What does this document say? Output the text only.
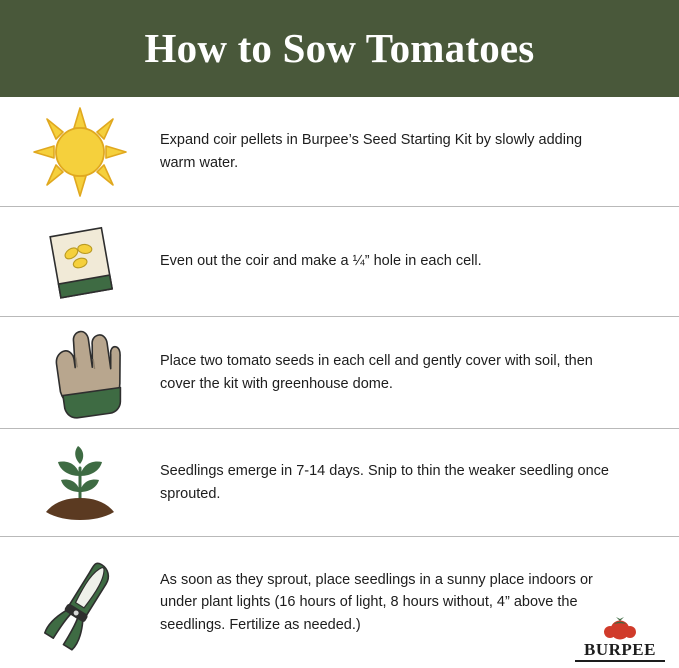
How to Sow Tomatoes
Expand coir pellets in Burpee’s Seed Starting Kit by slowly adding warm water.
Even out the coir and make a ¼” hole in each cell.
Place two tomato seeds in each cell and gently cover with soil, then cover the kit with greenhouse dome.
Seedlings emerge in 7-14 days. Snip to thin the weaker seedling once sprouted.
As soon as they sprout, place seedlings in a sunny place indoors or under plant lights (16 hours of light, 8 hours without, 4” above the seedlings. Fertilize as needed.)
BURPEE
